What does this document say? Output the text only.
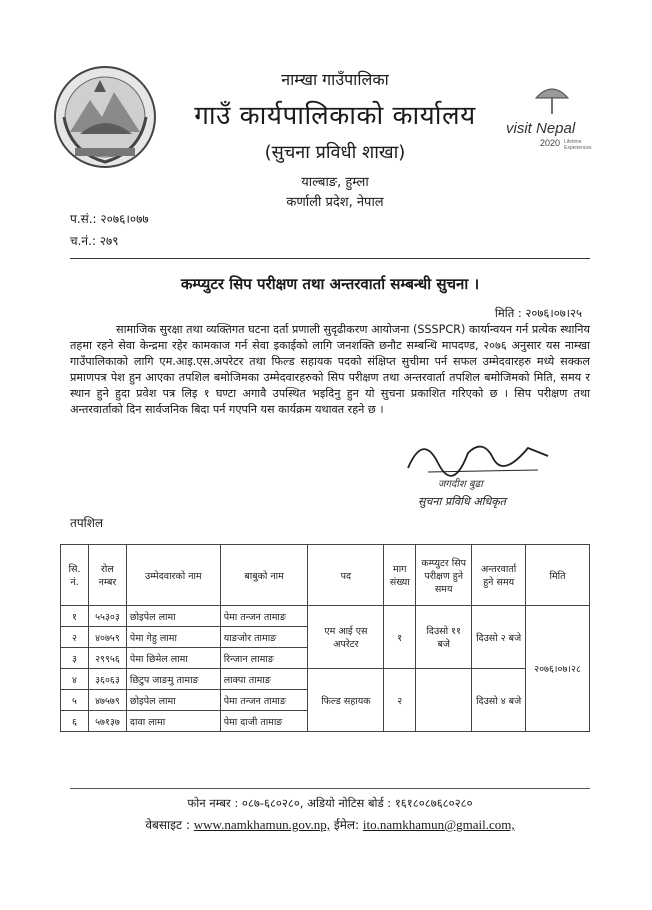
नाम्खा गाउँपालिका
गाउँ कार्यपालिकाको कार्यालय
(सुचना प्रविधी शाखा)
याल्बाङ, हुम्ला
कर्णाली प्रदेश, नेपाल
visit Nepal
2020 Lifetime Experiences
प.सं.: २०७६।०७७
च.नं.: २७९
कम्प्युटर सिप परीक्षण तथा अन्तरवार्ता सम्बन्धी सुचना ।
मिति : २०७६।०७।२५
सामाजिक सुरक्षा तथा व्यक्तिगत घटना दर्ता प्रणाली सुदृढीकरण आयोजना (SSSPCR) कार्यान्वयन गर्न प्रत्येक स्थानिय तहमा रहने सेवा केन्द्रमा रहेर कामकाज गर्न सेवा इकाईको लागि जनशक्ति छनौट सम्बन्धि मापदण्ड, २०७६ अनुसार यस नाम्खा गाउँपालिकाको लागि एम.आइ.एस.अपरेटर तथा फिल्ड सहायक पदको संक्षिप्त सुचीमा पर्न सफल उम्मेदवारहरु मध्ये सक्कल प्रमाणपत्र पेश हुन आएका तपशिल बमोजिमका उम्मेदवारहरुको सिप परीक्षण तथा अन्तरवार्ता तपशिल बमोजिमको मिति, समय र स्थान हुने हुदा प्रवेश पत्र लिइ १ घण्टा अगावै उपस्थित भइदिनु हुन यो सुचना प्रकाशित गरिएको छ । सिप परीक्षण तथा अन्तरवार्ताको दिन सार्वजनिक बिदा पर्न गएपनि यस कार्यक्रम यथावत रहने छ ।
जगदीश बुढा
सुचना प्रविधि अधिकृत
तपशिल
सि. नं.	रोल नम्बर	उम्मेदवारको नाम	बाबुको नाम	पद	माग संख्या	कम्प्युटर सिप परीक्षण हुने समय	अन्तरवार्ता हुने समय	मिति
१	५५३०३	छोइपेल लामा	पेमा तन्जन तामाङ	एम आई एस अपरेटर	१	दिउसो ११ बजे	दिउसो २ बजे	२०७६।०७।२८
२	४०७५९	पेमा गेहु लामा	याङजोर तामाङ					
३	२९९५६	पेमा छिमेल लामा	रिन्जान लामाङ					
४	३६०६३	छिटुप जाङमु तामाङ	लाक्पा तामाङ	फिल्ड सहायक	२		दिउसो ४ बजे	
५	४७५७९	छोइपेल लामा	पेमा तन्जन तामाङ					
६	५७१३७	दावा लामा	पेमा दाजी तामाङ					
फोन नम्बर : ०८७-६८०२८०, अडियो नोटिस बोर्ड : १६१८०८७६८०२८०
वेबसाइट : www.namkhamun.gov.np, ईमेल: ito.namkhamun@gmail.com,
